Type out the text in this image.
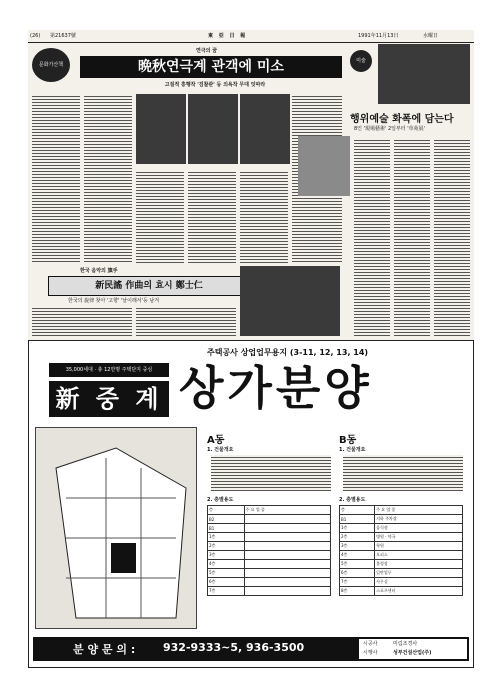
(26) 第21637號	東 亞 日 報	1991年11月13日	水曜日
문화가산책
연극의 꿈
晩秋연극계 관객에 미소
고질적 흥행작 '검찰관' 등 의욕작 무대 잇따라
미술
행위예술 화폭에 담는다
8인 '現場藝術' 2일부터 '草苑展'
한국 음악의 旗手
新民謠 作曲의 효시 鄭士仁
한국의 旋律 찾아 '고향' '날이래서'등 남겨
주택공사 상업업무용지 (3-11, 12, 13, 14)
35,000세대 · 총 12만명 주택단지 중심
新 중 계 상가분양
A동	B동
1. 건물개요	1. 건물개요
2. 층별용도	2. 층별용도
층	주 요 업 종
B2	
B1	
1층	
2층	
3층	
4층	
5층	
6층	
7층	
층	주 요 업 종
B1	지하 주차장
1층	음식점
2층	병원 · 약국
3층	학원
4층	오피스
5층	볼링장
6층	일반업무
7층	사무실
8층	스포츠센터
분 양 문 의 :	932-9333~5, 936-3500	시공사	미림조경사
시행사	성부건설산업(주)
